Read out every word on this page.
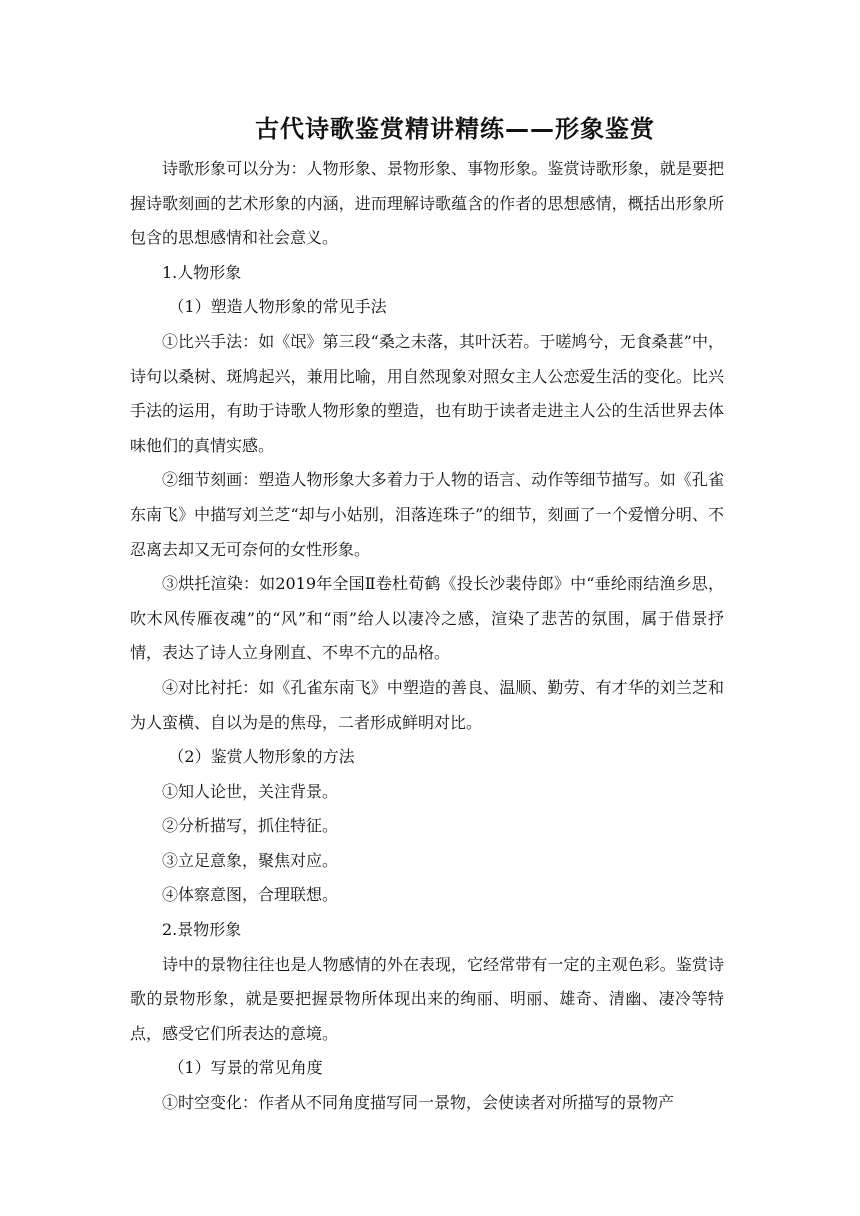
古代诗歌鉴赏精讲精练——形象鉴赏

诗歌形象可以分为：人物形象、景物形象、事物形象。鉴赏诗歌形象，就是要把握诗歌刻画的艺术形象的内涵，进而理解诗歌蕴含的作者的思想感情，概括出形象所包含的思想感情和社会意义。

1.人物形象

（1）塑造人物形象的常见手法

①比兴手法：如《氓》第三段“桑之未落，其叶沃若。于嗟鸠兮，无食桑葚”中，诗句以桑树、斑鸠起兴，兼用比喻，用自然现象对照女主人公恋爱生活的变化。比兴手法的运用，有助于诗歌人物形象的塑造，也有助于读者走进主人公的生活世界去体味他们的真情实感。

②细节刻画：塑造人物形象大多着力于人物的语言、动作等细节描写。如《孔雀东南飞》中描写刘兰芝“却与小姑别，泪落连珠子”的细节，刻画了一个爱憎分明、不忍离去却又无可奈何的女性形象。

③烘托渲染：如2019年全国Ⅱ卷杜荀鹤《投长沙裴侍郎》中“垂纶雨结渔乡思，吹木风传雁夜魂”的“风”和“雨”给人以凄冷之感，渲染了悲苦的氛围，属于借景抒情，表达了诗人立身刚直、不卑不亢的品格。

④对比衬托：如《孔雀东南飞》中塑造的善良、温顺、勤劳、有才华的刘兰芝和为人蛮横、自以为是的焦母，二者形成鲜明对比。

（2）鉴赏人物形象的方法

①知人论世，关注背景。

②分析描写，抓住特征。

③立足意象，聚焦对应。

④体察意图，合理联想。

2.景物形象

诗中的景物往往也是人物感情的外在表现，它经常带有一定的主观色彩。鉴赏诗歌的景物形象，就是要把握景物所体现出来的绚丽、明丽、雄奇、清幽、凄冷等特点，感受它们所表达的意境。

（1）写景的常见角度

①时空变化：作者从不同角度描写同一景物，会使读者对所描写的景物产
